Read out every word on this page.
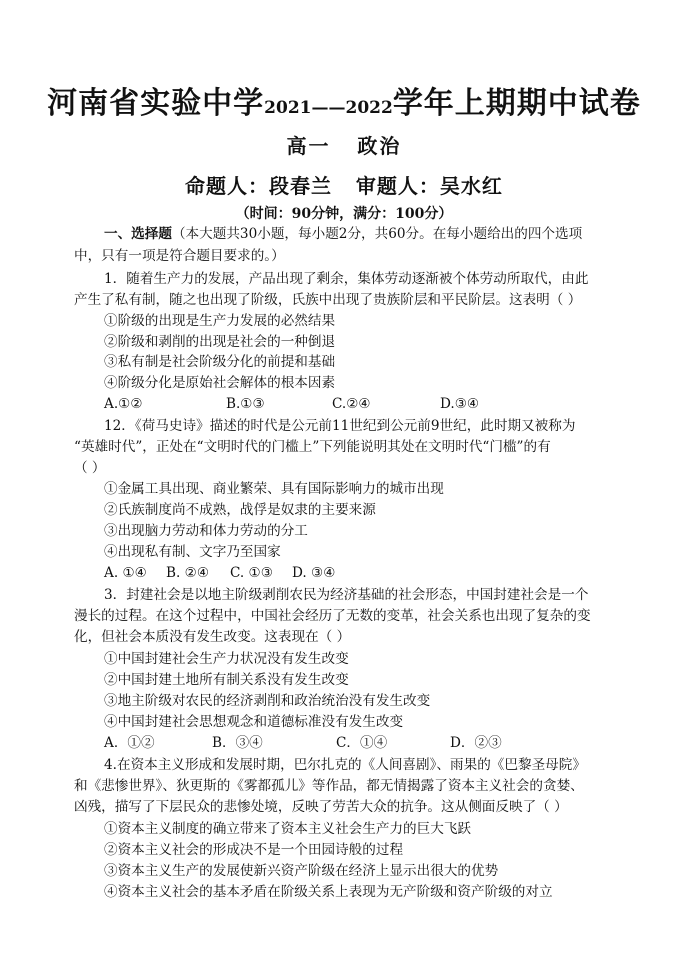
河南省实验中学2021——2022学年上期期中试卷
高一   政治
命题人：段春兰   审题人：吴水红
（时间：90分钟，满分：100分）
一、选择题（本大题共30小题，每小题2分，共60分。在每小题给出的四个选项
中，只有一项是符合题目要求的。）
1．随着生产力的发展，产品出现了剩余，集体劳动逐渐被个体劳动所取代，由此
产生了私有制，随之也出现了阶级，氏族中出现了贵族阶层和平民阶层。这表明（ ）
①阶级的出现是生产力发展的必然结果
②阶级和剥削的出现是社会的一种倒退
③私有制是社会阶级分化的前提和基础
④阶级分化是原始社会解体的根本因素
A.①②	B.①③	C.②④	D.③④
12．《荷马史诗》描述的时代是公元前11世纪到公元前9世纪，此时期又被称为
“英雄时代”，正处在“文明时代的门槛上”下列能说明其处在文明时代“门槛”的有
（ ）
①金属工具出现、商业繁荣、具有国际影响力的城市出现
②氏族制度尚不成熟，战俘是奴隶的主要来源
③出现脑力劳动和体力劳动的分工
④出现私有制、文字乃至国家
A. ①④ B. ②④ C. ①③ D. ③④
3．封建社会是以地主阶级剥削农民为经济基础的社会形态，中国封建社会是一个
漫长的过程。在这个过程中，中国社会经历了无数的变革，社会关系也出现了复杂的变
化，但社会本质没有发生改变。这表现在（ ）
①中国封建社会生产力状况没有发生改变
②中国封建土地所有制关系没有发生改变
③地主阶级对农民的经济剥削和政治统治没有发生改变
④中国封建社会思想观念和道德标准没有发生改变
A．①②	B．③④	C．①④	D．②③
4.在资本主义形成和发展时期，巴尔扎克的《人间喜剧》、雨果的《巴黎圣母院》
和《悲惨世界》、狄更斯的《雾都孤儿》等作品，都无情揭露了资本主义社会的贪婪、
凶残，描写了下层民众的悲惨处境，反映了劳苦大众的抗争。这从侧面反映了（ ）
①资本主义制度的确立带来了资本主义社会生产力的巨大飞跃
②资本主义社会的形成决不是一个田园诗般的过程
③资本主义生产的发展使新兴资产阶级在经济上显示出很大的优势
④资本主义社会的基本矛盾在阶级关系上表现为无产阶级和资产阶级的对立
